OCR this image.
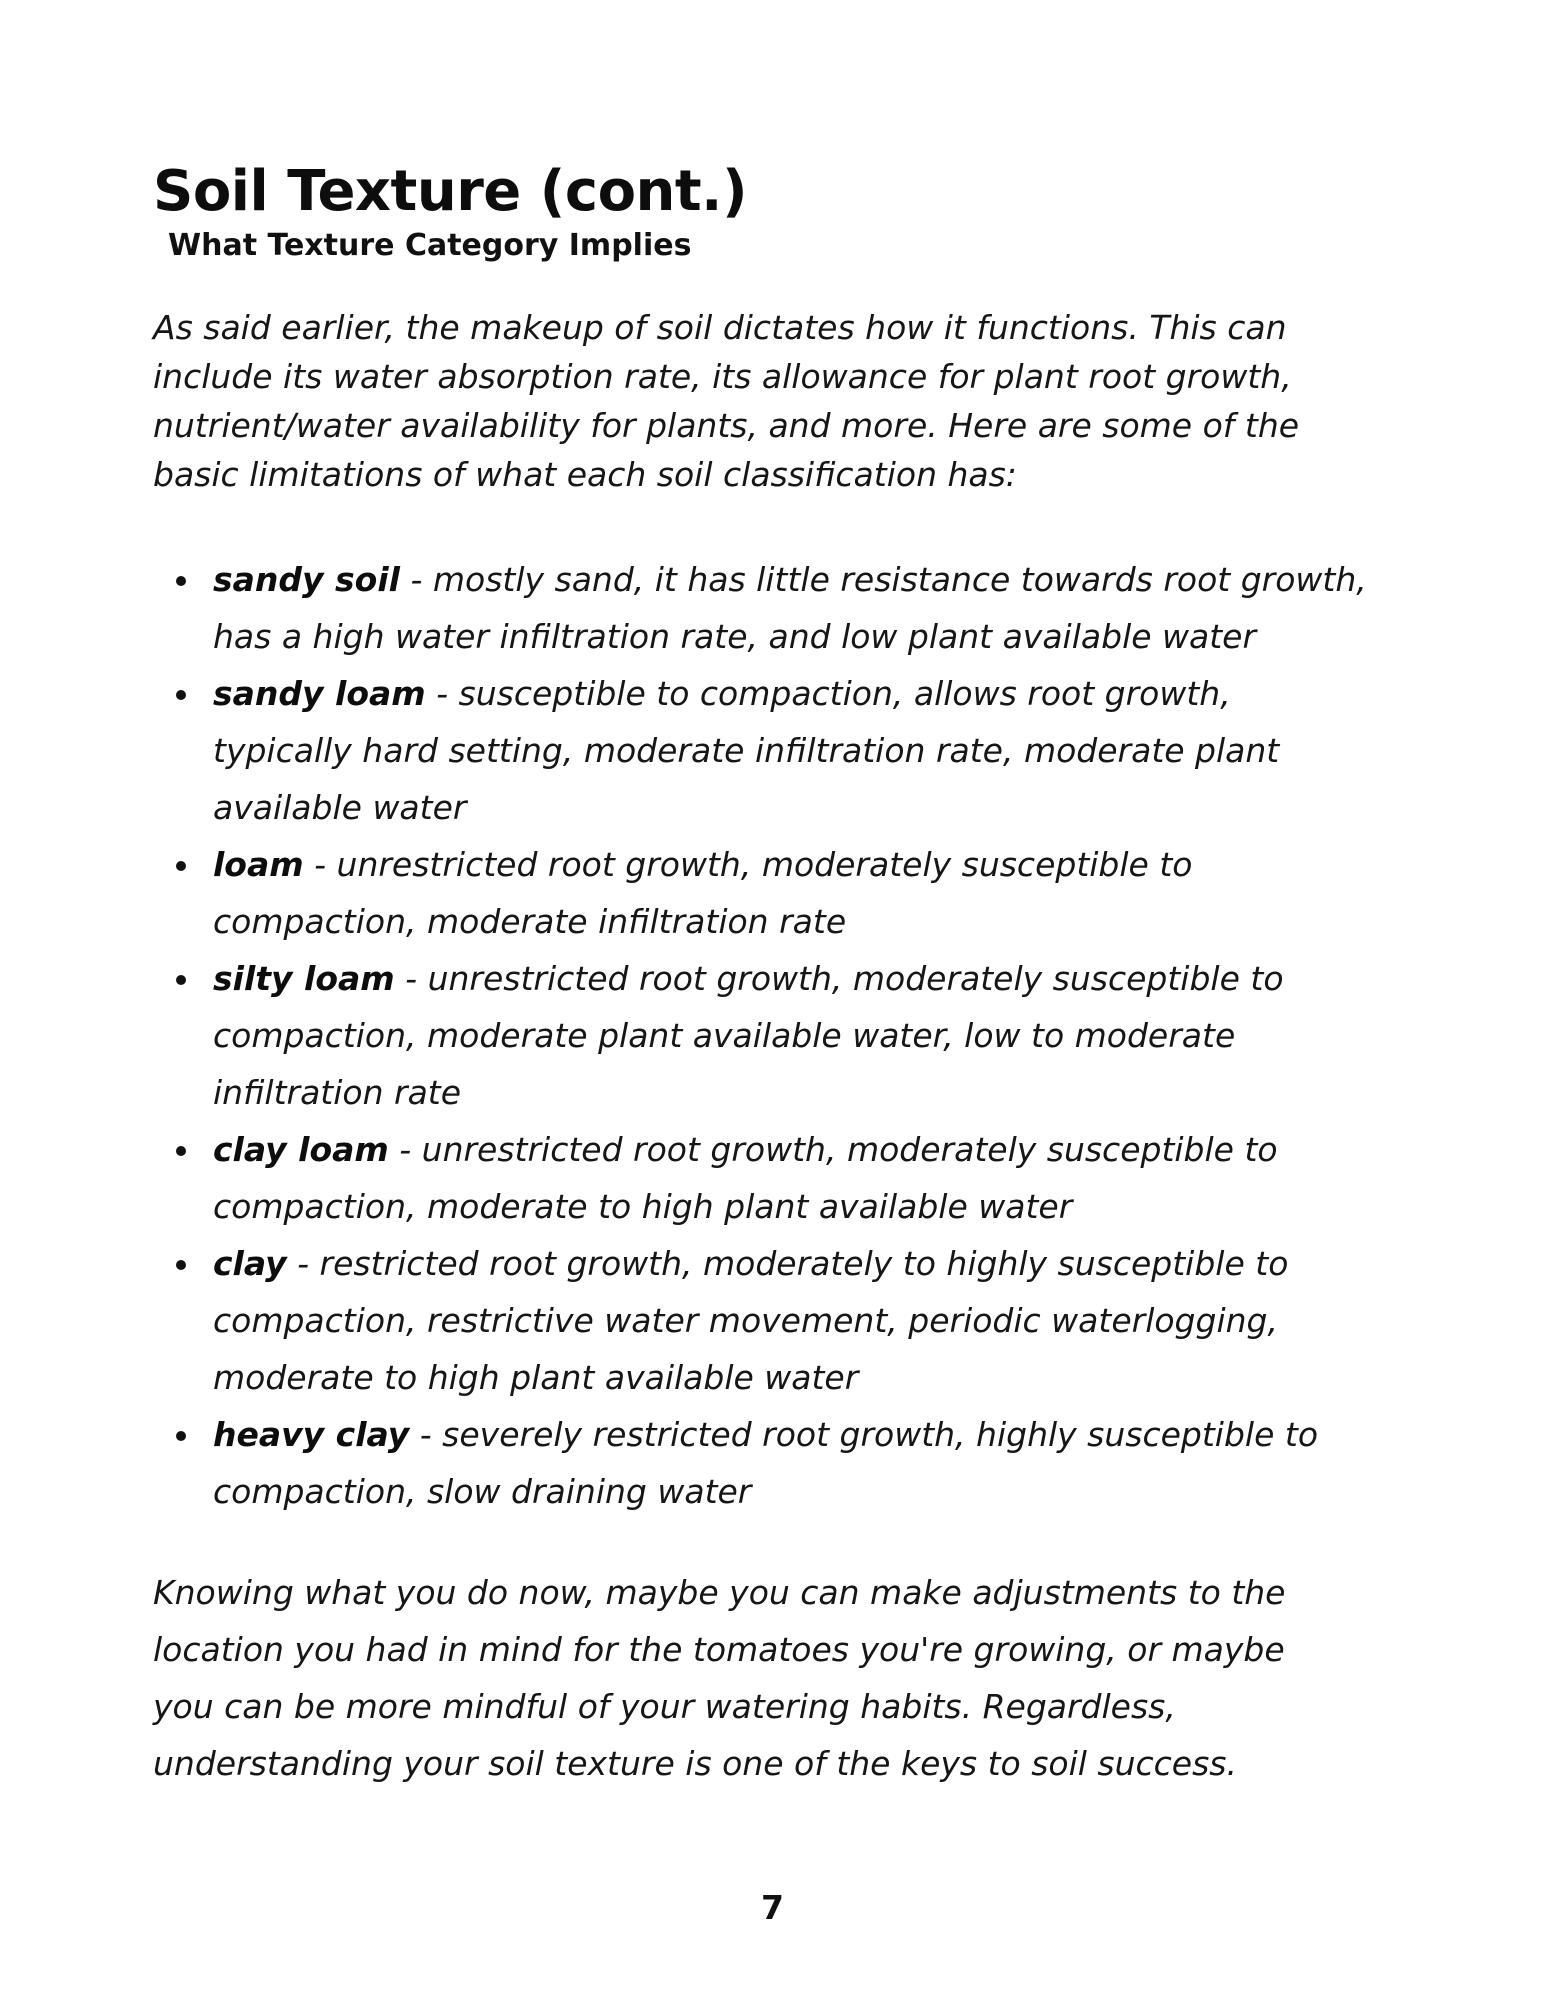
Soil Texture (cont.)
What Texture Category Implies

As said earlier, the makeup of soil dictates how it functions. This can
include its water absorption rate, its allowance for plant root growth,
nutrient/water availability for plants, and more. Here are some of the
basic limitations of what each soil classification has:

sandy soil - mostly sand, it has little resistance towards root growth,
has a high water infiltration rate, and low plant available water
sandy loam - susceptible to compaction, allows root growth,
typically hard setting, moderate infiltration rate, moderate plant
available water
loam - unrestricted root growth, moderately susceptible to
compaction, moderate infiltration rate
silty loam - unrestricted root growth, moderately susceptible to
compaction, moderate plant available water, low to moderate
infiltration rate
clay loam - unrestricted root growth, moderately susceptible to
compaction, moderate to high plant available water
clay - restricted root growth, moderately to highly susceptible to
compaction, restrictive water movement, periodic waterlogging,
moderate to high plant available water
heavy clay - severely restricted root growth, highly susceptible to
compaction, slow draining water

Knowing what you do now, maybe you can make adjustments to the
location you had in mind for the tomatoes you're growing, or maybe
you can be more mindful of your watering habits. Regardless,
understanding your soil texture is one of the keys to soil success.

7
